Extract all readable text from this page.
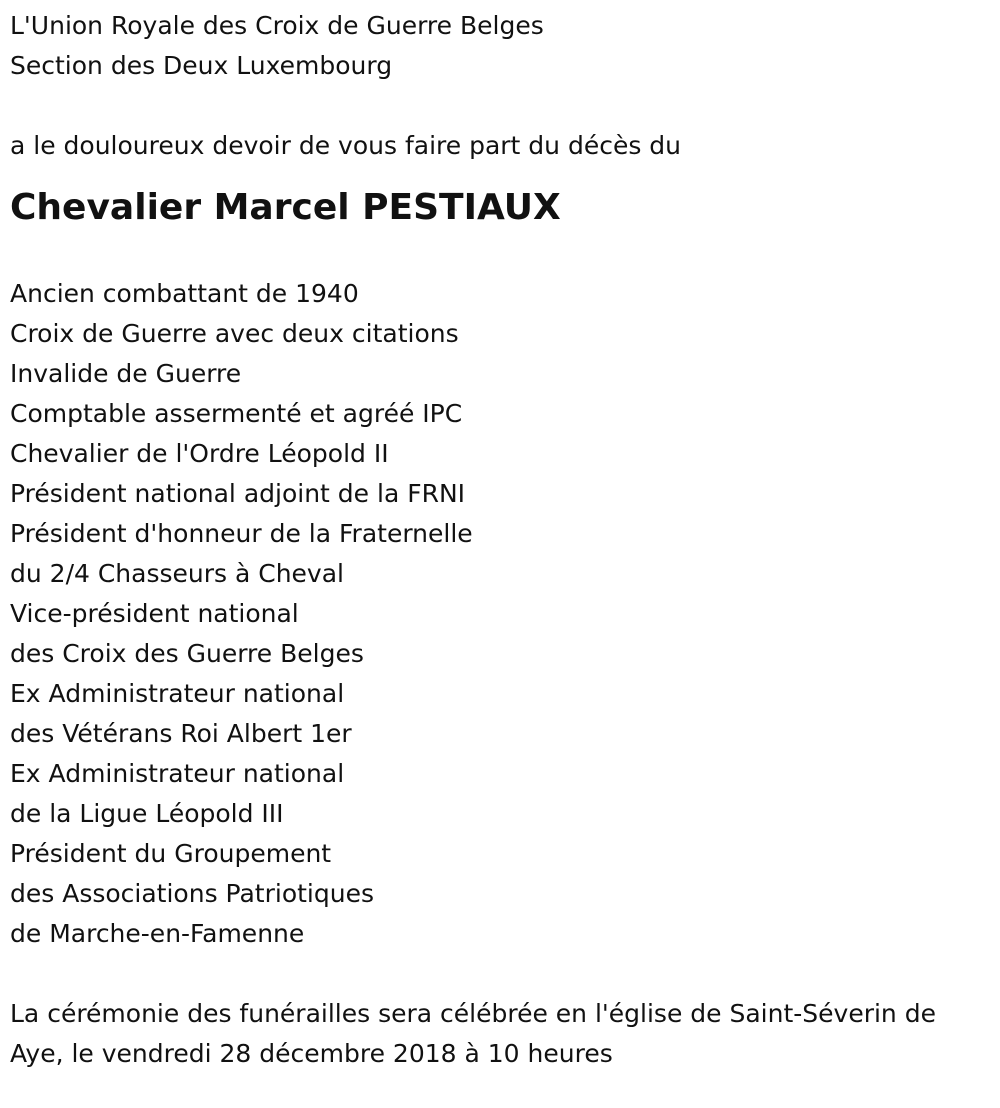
L'Union Royale des Croix de Guerre Belges

Section des Deux Luxembourg

a le douloureux devoir de vous faire part du décès du

Chevalier Marcel PESTIAUX

Ancien combattant de 1940

Croix de Guerre avec deux citations

Invalide de Guerre

Comptable assermenté et agréé IPC

Chevalier de l'Ordre Léopold II

Président national adjoint de la FRNI

Président d'honneur de la Fraternelle

du 2/4 Chasseurs à Cheval

Vice-président national

des Croix des Guerre Belges

Ex Administrateur national

des Vétérans Roi Albert 1er

Ex Administrateur national

de la Ligue Léopold III

Président du Groupement

des Associations Patriotiques

de Marche-en-Famenne

La cérémonie des funérailles sera célébrée en l'église de Saint-Séverin de

Aye, le vendredi 28 décembre 2018 à 10 heures
